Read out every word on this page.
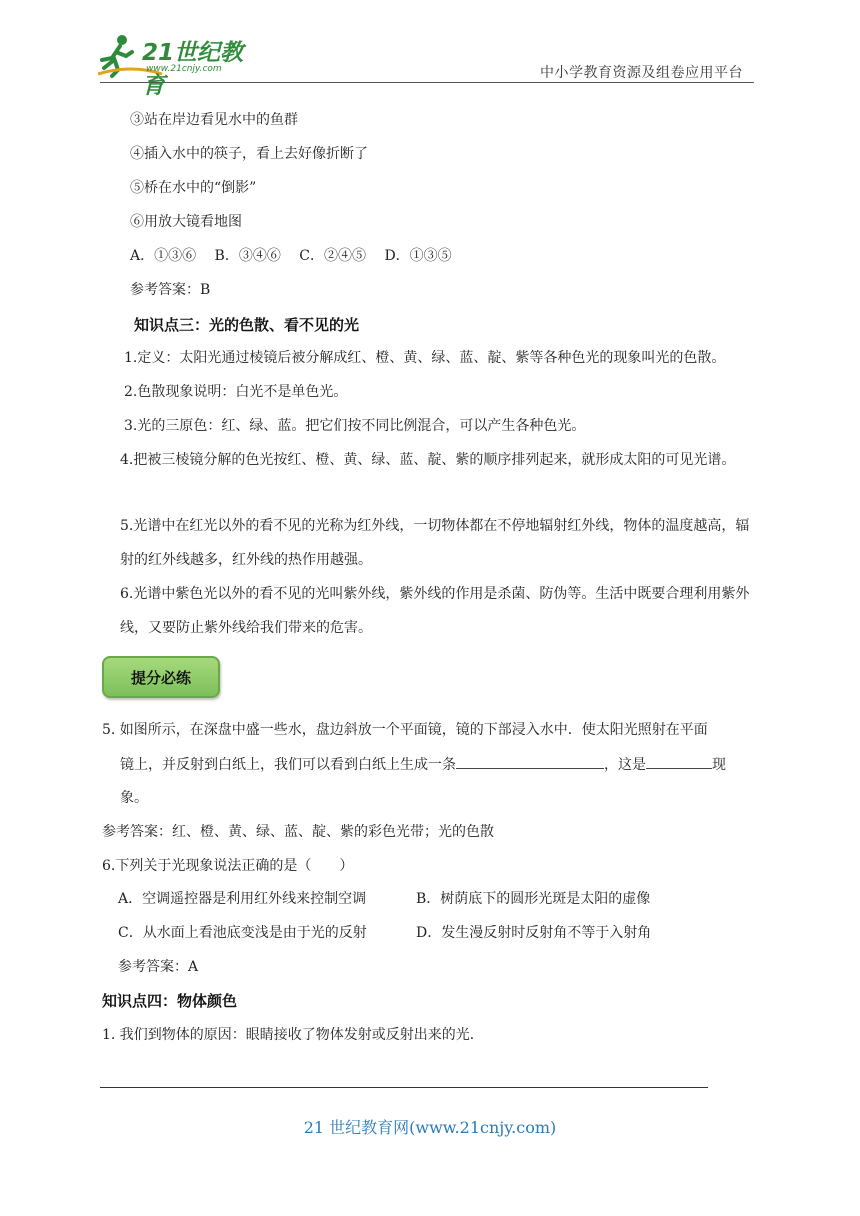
21世纪教育
www.21cnjy.com	中小学教育资源及组卷应用平台
③站在岸边看见水中的鱼群
④插入水中的筷子，看上去好像折断了
⑤桥在水中的“倒影”
⑥用放大镜看地图
A．①③⑥　 B．③④⑥　 C．②④⑤　 D．①③⑤
参考答案：B
知识点三：光的色散、看不见的光
1.定义：太阳光通过棱镜后被分解成红、橙、黄、绿、蓝、靛、紫等各种色光的现象叫光的色散。
2.色散现象说明：白光不是单色光。
3.光的三原色：红、绿、蓝。把它们按不同比例混合，可以产生各种色光。
4.把被三棱镜分解的色光按红、橙、黄、绿、蓝、靛、紫的顺序排列起来，就形成太阳的可见光谱。
5.光谱中在红光以外的看不见的光称为红外线，一切物体都在不停地辐射红外线，物体的温度越高，辐射的红外线越多，红外线的热作用越强。
6.光谱中紫色光以外的看不见的光叫紫外线，紫外线的作用是杀菌、防伪等。生活中既要合理利用紫外线，又要防止紫外线给我们带来的危害。
提分必练
5. 如图所示，在深盘中盛一些水，盘边斜放一个平面镜，镜的下部浸入水中．使太阳光照射在平面
镜上，并反射到白纸上，我们可以看到白纸上生成一条	，这是	现
象。
参考答案：红、橙、黄、绿、蓝、靛、紫的彩色光带；光的色散
6.下列关于光现象说法正确的是（　　）
A．空调遥控器是利用红外线来控制空调	B．树荫底下的圆形光斑是太阳的虚像
C．从水面上看池底变浅是由于光的反射	D．发生漫反射时反射角不等于入射角
参考答案：A
知识点四：物体颜色
1. 我们到物体的原因：眼睛接收了物体发射或反射出来的光．
21 世纪教育网(www.21cnjy.com)
